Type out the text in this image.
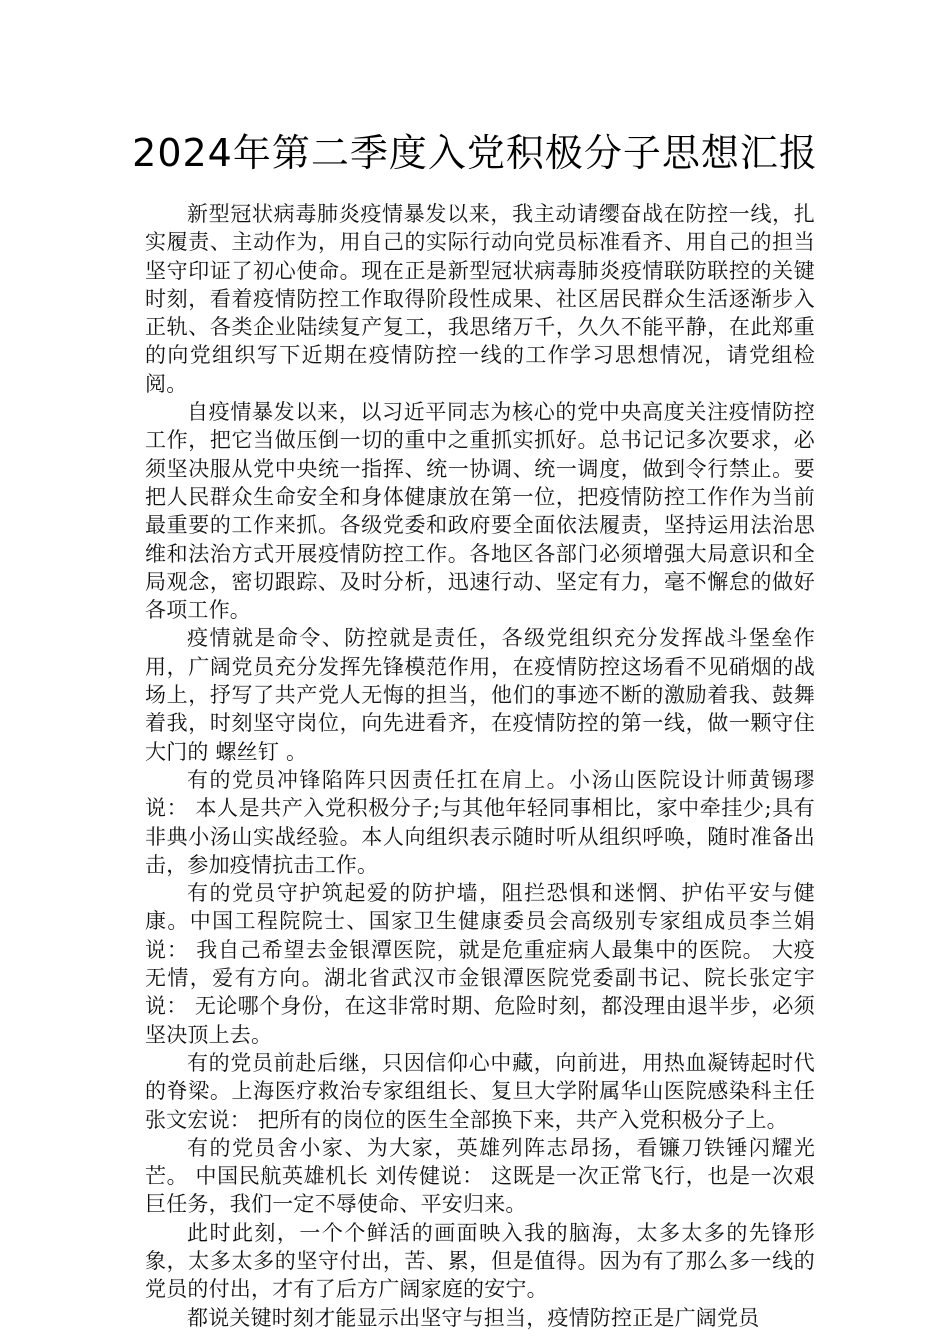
2024年第二季度入党积极分子思想汇报

新型冠状病毒肺炎疫情暴发以来，我主动请缨奋战在防控一线，扎实履责、主动作为，用自己的实际行动向党员标准看齐、用自己的担当坚守印证了初心使命。现在正是新型冠状病毒肺炎疫情联防联控的关键时刻，看着疫情防控工作取得阶段性成果、社区居民群众生活逐渐步入正轨、各类企业陆续复产复工，我思绪万千，久久不能平静，在此郑重的向党组织写下近期在疫情防控一线的工作学习思想情况，请党组检阅。

自疫情暴发以来，以习近平同志为核心的党中央高度关注疫情防控工作，把它当做压倒一切的重中之重抓实抓好。总书记记多次要求，必须坚决服从党中央统一指挥、统一协调、统一调度，做到令行禁止。要把人民群众生命安全和身体健康放在第一位，把疫情防控工作作为当前最重要的工作来抓。各级党委和政府要全面依法履责，坚持运用法治思维和法治方式开展疫情防控工作。各地区各部门必须增强大局意识和全局观念，密切跟踪、及时分析，迅速行动、坚定有力，毫不懈怠的做好各项工作。

疫情就是命令、防控就是责任，各级党组织充分发挥战斗堡垒作用，广阔党员充分发挥先锋模范作用，在疫情防控这场看不见硝烟的战场上，抒写了共产党人无悔的担当，他们的事迹不断的激励着我、鼓舞着我，时刻坚守岗位，向先进看齐，在疫情防控的第一线，做一颗守住大门的 螺丝钉 。

有的党员冲锋陷阵只因责任扛在肩上。小汤山医院设计师黄锡璆说： 本人是共产入党积极分子;与其他年轻同事相比，家中牵挂少;具有非典小汤山实战经验。本人向组织表示随时听从组织呼唤，随时准备出击，参加疫情抗击工作。

有的党员守护筑起爱的防护墙，阻拦恐惧和迷惘、护佑平安与健康。中国工程院院士、国家卫生健康委员会高级别专家组成员李兰娟说： 我自己希望去金银潭医院，就是危重症病人最集中的医院。 大疫无情，爱有方向。湖北省武汉市金银潭医院党委副书记、院长张定宇说： 无论哪个身份，在这非常时期、危险时刻，都没理由退半步，必须坚决顶上去。

有的党员前赴后继，只因信仰心中藏，向前进，用热血凝铸起时代的脊梁。上海医疗救治专家组组长、复旦大学附属华山医院感染科主任张文宏说： 把所有的岗位的医生全部换下来，共产入党积极分子上。

有的党员舍小家、为大家，英雄列阵志昂扬，看镰刀铁锤闪耀光芒。 中国民航英雄机长 刘传健说： 这既是一次正常飞行，也是一次艰巨任务，我们一定不辱使命、平安归来。

此时此刻，一个个鲜活的画面映入我的脑海，太多太多的先锋形象，太多太多的坚守付出，苦、累，但是值得。因为有了那么多一线的党员的付出，才有了后方广阔家庭的安宁。

都说关键时刻才能显示出坚守与担当，疫情防控正是广阔党员
